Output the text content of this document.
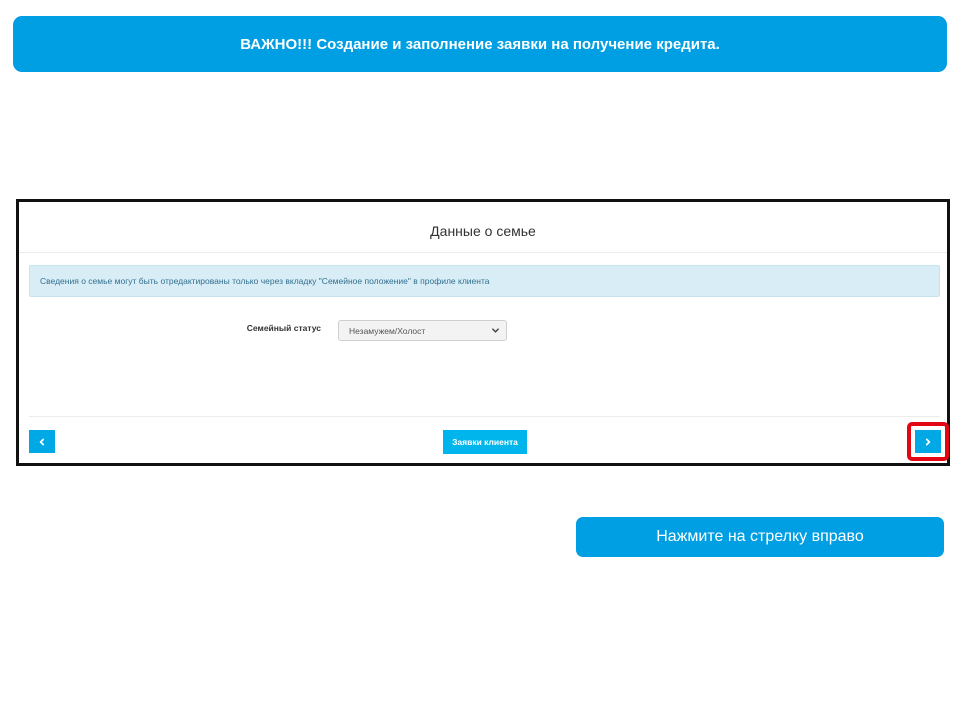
ВАЖНО!!! Создание и заполнение заявки на получение кредита.
Данные о семье
Сведения о семье могут быть отредактированы только через вкладку "Семейное положение" в профиле клиента
Семейный статус	Незамужем/Холост
Заявки клиента
Нажмите на стрелку вправо
